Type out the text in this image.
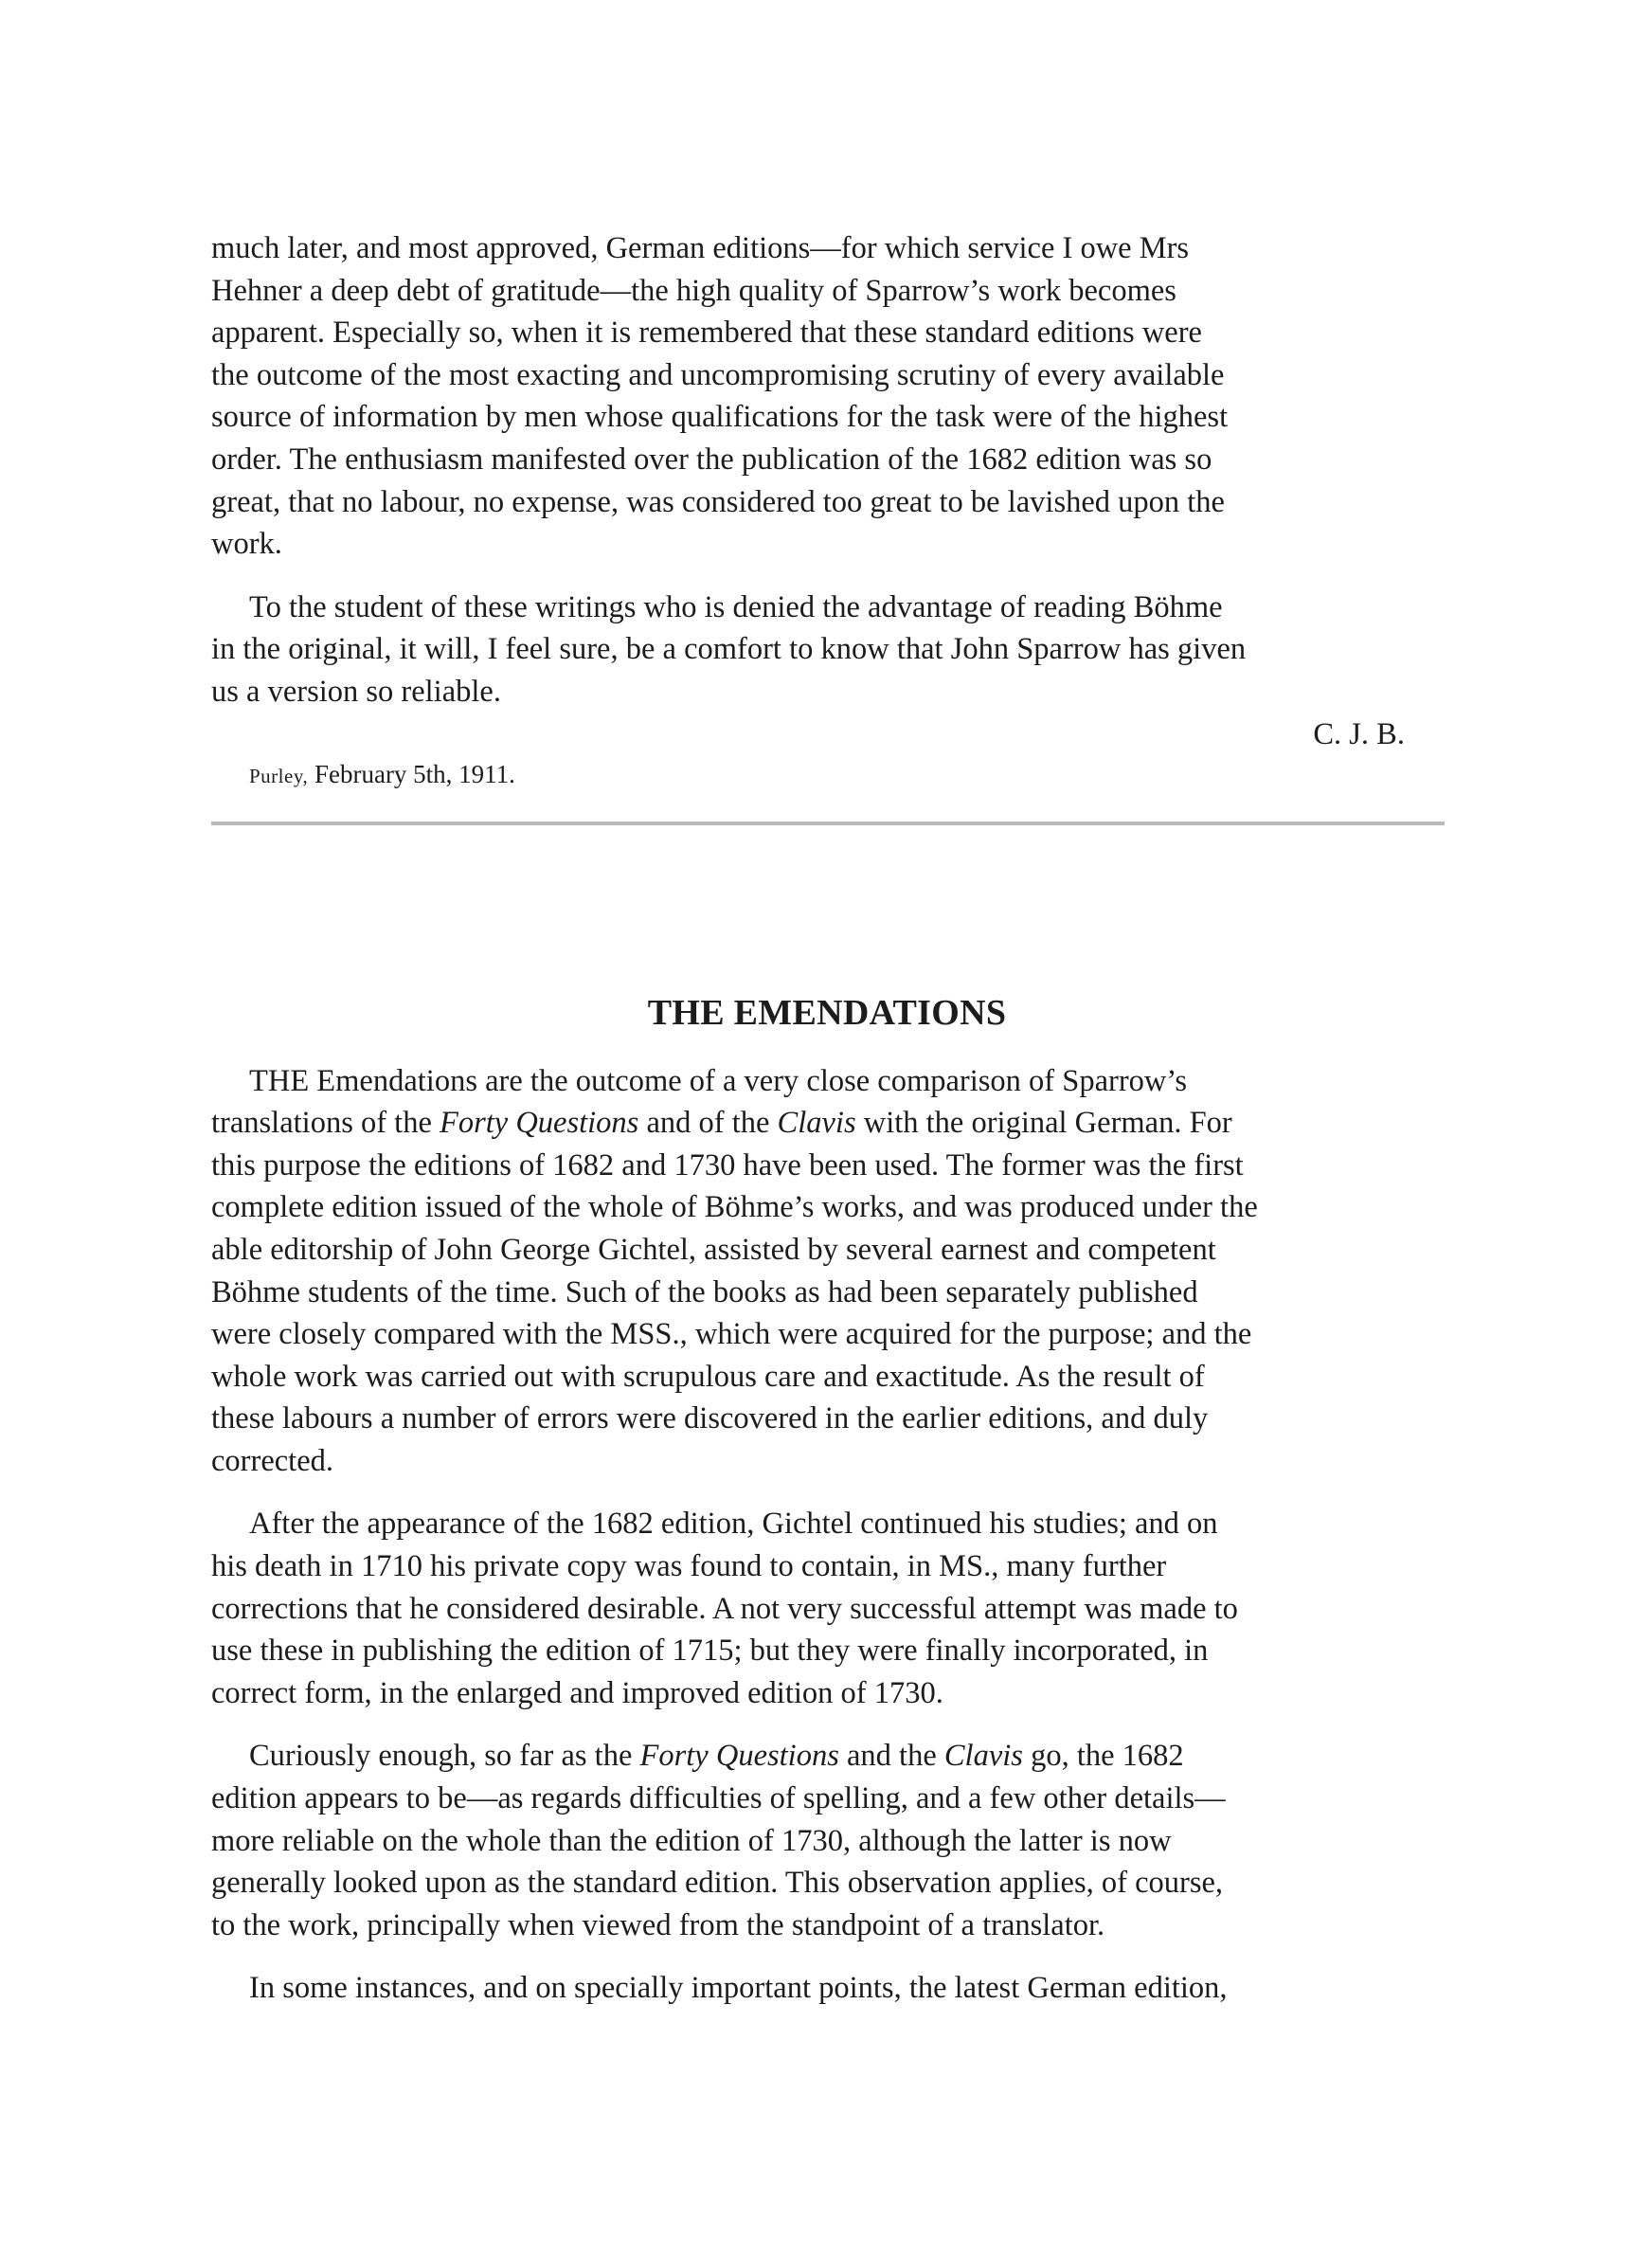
much later, and most approved, German editions—for which service I owe Mrs
Hehner a deep debt of gratitude—the high quality of Sparrow’s work becomes
apparent. Especially so, when it is remembered that these standard editions were
the outcome of the most exacting and uncompromising scrutiny of every available
source of information by men whose qualifications for the task were of the highest
order. The enthusiasm manifested over the publication of the 1682 edition was so
great, that no labour, no expense, was considered too great to be lavished upon the
work.

To the student of these writings who is denied the advantage of reading Böhme
in the original, it will, I feel sure, be a comfort to know that John Sparrow has given
us a version so reliable.

C. J. B.

Purley, February 5th, 1911.

THE EMENDATIONS

THE Emendations are the outcome of a very close comparison of Sparrow’s
translations of the Forty Questions and of the Clavis with the original German. For
this purpose the editions of 1682 and 1730 have been used. The former was the first
complete edition issued of the whole of Böhme’s works, and was produced under the
able editorship of John George Gichtel, assisted by several earnest and competent
Böhme students of the time. Such of the books as had been separately published
were closely compared with the MSS., which were acquired for the purpose; and the
whole work was carried out with scrupulous care and exactitude. As the result of
these labours a number of errors were discovered in the earlier editions, and duly
corrected.

After the appearance of the 1682 edition, Gichtel continued his studies; and on
his death in 1710 his private copy was found to contain, in MS., many further
corrections that he considered desirable. A not very successful attempt was made to
use these in publishing the edition of 1715; but they were finally incorporated, in
correct form, in the enlarged and improved edition of 1730.

Curiously enough, so far as the Forty Questions and the Clavis go, the 1682
edition appears to be—as regards difficulties of spelling, and a few other details—
more reliable on the whole than the edition of 1730, although the latter is now
generally looked upon as the standard edition. This observation applies, of course,
to the work, principally when viewed from the standpoint of a translator.

In some instances, and on specially important points, the latest German edition,
